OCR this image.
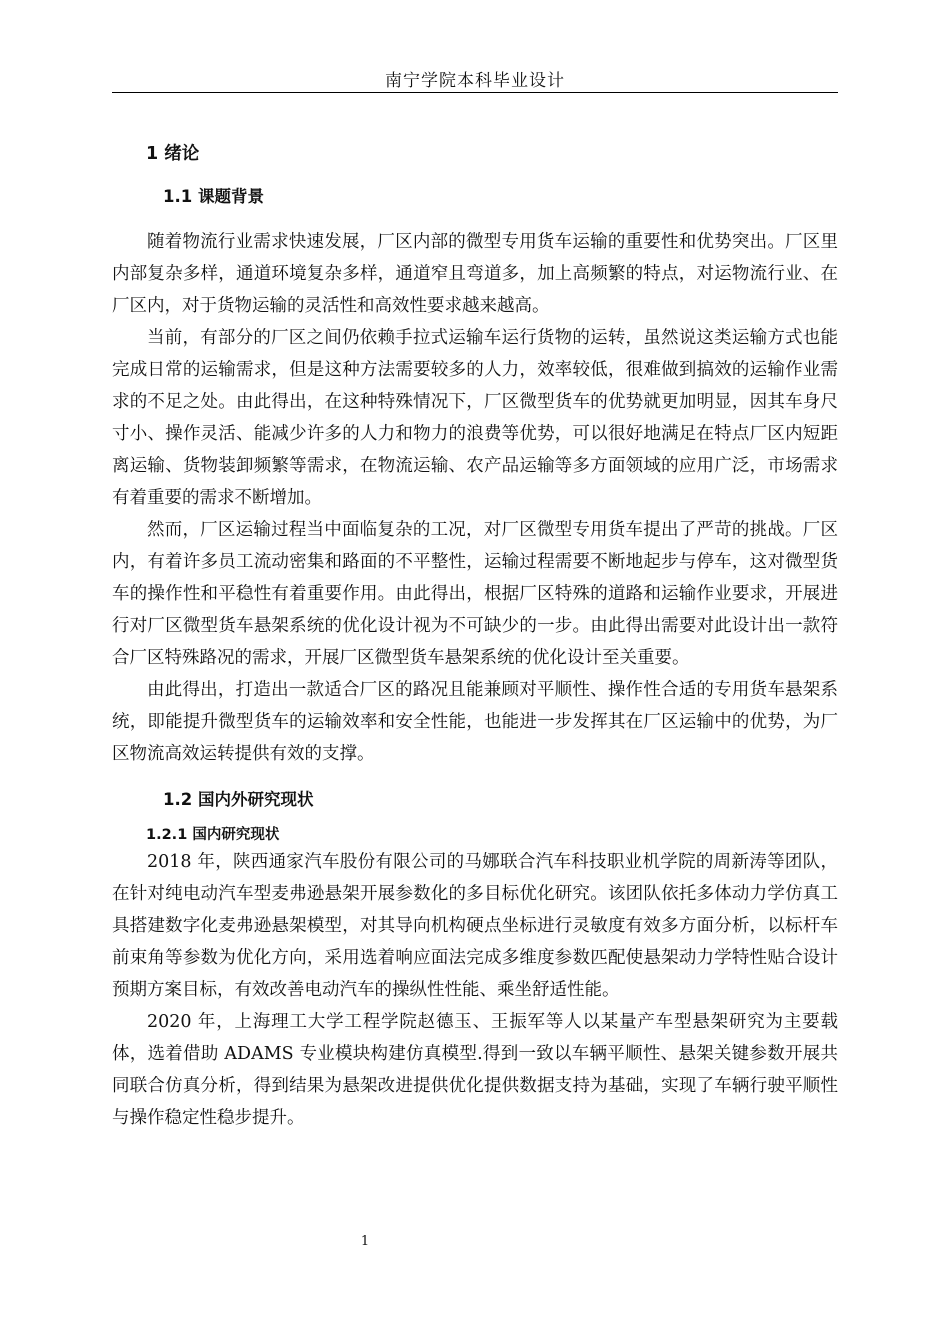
南宁学院本科毕业设计
1 绪论
1.1 课题背景

随着物流行业需求快速发展，厂区内部的微型专用货车运输的重要性和优势突出。厂区里内部复杂多样，通道环境复杂多样，通道窄且弯道多，加上高频繁的特点，对运物流行业、在厂区内，对于货物运输的灵活性和高效性要求越来越高。

当前，有部分的厂区之间仍依赖手拉式运输车运行货物的运转，虽然说这类运输方式也能完成日常的运输需求，但是这种方法需要较多的人力，效率较低，很难做到搞效的运输作业需求的不足之处。由此得出，在这种特殊情况下，厂区微型货车的优势就更加明显，因其车身尺寸小、操作灵活、能减少许多的人力和物力的浪费等优势，可以很好地满足在特点厂区内短距离运输、货物装卸频繁等需求，在物流运输、农产品运输等多方面领域的应用广泛，市场需求有着重要的需求不断增加。

然而，厂区运输过程当中面临复杂的工况，对厂区微型专用货车提出了严苛的挑战。厂区内，有着许多员工流动密集和路面的不平整性，运输过程需要不断地起步与停车，这对微型货车的操作性和平稳性有着重要作用。由此得出，根据厂区特殊的道路和运输作业要求，开展进行对厂区微型货车悬架系统的优化设计视为不可缺少的一步。由此得出需要对此设计出一款符合厂区特殊路况的需求，开展厂区微型货车悬架系统的优化设计至关重要。

由此得出，打造出一款适合厂区的路况且能兼顾对平顺性、操作性合适的专用货车悬架系统，即能提升微型货车的运输效率和安全性能，也能进一步发挥其在厂区运输中的优势，为厂区物流高效运转提供有效的支撑。

1.2 国内外研究现状
1.2.1 国内研究现状

2018 年，陕西通家汽车股份有限公司的马娜联合汽车科技职业机学院的周新涛等团队，在针对纯电动汽车型麦弗逊悬架开展参数化的多目标优化研究。该团队依托多体动力学仿真工具搭建数字化麦弗逊悬架模型，对其导向机构硬点坐标进行灵敏度有效多方面分析，以标杆车前束角等参数为优化方向，采用选着响应面法完成多维度参数匹配使悬架动力学特性贴合设计预期方案目标，有效改善电动汽车的操纵性性能、乘坐舒适性能。

2020 年，上海理工大学工程学院赵德玉、王振军等人以某量产车型悬架研究为主要载体，选着借助 ADAMS 专业模块构建仿真模型.得到一致以车辆平顺性、悬架关键参数开展共同联合仿真分析，得到结果为悬架改进提供优化提供数据支持为基础，实现了车辆行驶平顺性与操作稳定性稳步提升。

1
